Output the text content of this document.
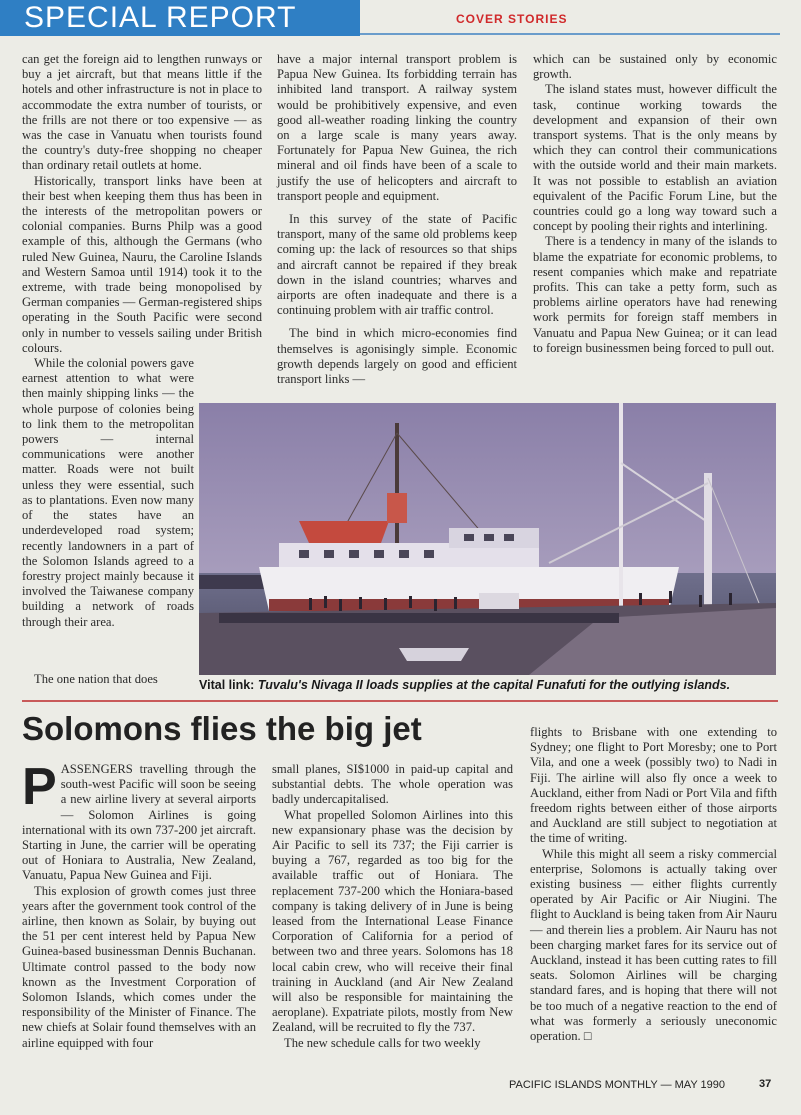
SPECIAL REPORT	COVER STORIES

can get the foreign aid to lengthen runways or buy a jet aircraft, but that means little if the hotels and other infrastructure is not in place to accommodate the extra number of tourists, or the frills are not there or too expensive — as was the case in Vanuatu when tourists found the country's duty-free shopping no cheaper than ordinary retail outlets at home.

Historically, transport links have been at their best when keeping them thus has been in the interests of the metropolitan powers or colonial companies. Burns Philp was a good example of this, although the Germans (who ruled New Guinea, Nauru, the Caroline Islands and Western Samoa until 1914) took it to the extreme, with trade being monopolised by German companies — German-registered ships operating in the South Pacific were second only in number to vessels sailing under British colours.

While the colonial powers gave earnest attention to what were then mainly shipping links — the whole purpose of colonies being to link them to the metropolitan powers — internal communications were another matter. Roads were not built unless they were essential, such as to plantations. Even now many of the states have an underdeveloped road system; recently landowners in a part of the Solomon Islands agreed to a forestry project mainly because it involved the Taiwanese company building a network of roads through their area.

The one nation that does

have a major internal transport problem is Papua New Guinea. Its forbidding terrain has inhibited land transport. A railway system would be prohibitively expensive, and even good all-weather roading linking the country on a large scale is many years away. Fortunately for Papua New Guinea, the rich mineral and oil finds have been of a scale to justify the use of helicopters and aircraft to transport people and equipment.

In this survey of the state of Pacific transport, many of the same old problems keep coming up: the lack of resources so that ships and aircraft cannot be repaired if they break down in the island countries; wharves and airports are often inadequate and there is a continuing problem with air traffic control.

The bind in which micro-economies find themselves is agonisingly simple. Economic growth depends largely on good and efficient transport links —

which can be sustained only by economic growth.

The island states must, however difficult the task, continue working towards the development and expansion of their own transport systems. That is the only means by which they can control their communications with the outside world and their main markets. It was not possible to establish an aviation equivalent of the Pacific Forum Line, but the countries could go a long way toward such a concept by pooling their rights and interlining.

There is a tendency in many of the islands to blame the expatriate for economic problems, to resent companies which make and repatriate profits. This can take a petty form, such as problems airline operators have had renewing work permits for foreign staff members in Vanuatu and Papua New Guinea; or it can lead to foreign businessmen being forced to pull out.

Vital link: Tuvalu's Nivaga II loads supplies at the capital Funafuti for the outlying islands.
Solomons flies the big jet

PASSENGERS travelling through the south-west Pacific will soon be seeing a new airline livery at several airports — Solomon Airlines is going international with its own 737-200 jet aircraft. Starting in June, the carrier will be operating out of Honiara to Australia, New Zealand, Vanuatu, Papua New Guinea and Fiji.

This explosion of growth comes just three years after the government took control of the airline, then known as Solair, by buying out the 51 per cent interest held by Papua New Guinea-based businessman Dennis Buchanan. Ultimate control passed to the body now known as the Investment Corporation of Solomon Islands, which comes under the responsibility of the Minister of Finance. The new chiefs at Solair found themselves with an airline equipped with four

small planes, SI$1000 in paid-up capital and substantial debts. The whole operation was badly undercapitalised.

What propelled Solomon Airlines into this new expansionary phase was the decision by Air Pacific to sell its 737; the Fiji carrier is buying a 767, regarded as too big for the available traffic out of Honiara. The replacement 737-200 which the Honiara-based company is taking delivery of in June is being leased from the International Lease Finance Corporation of California for a period of between two and three years. Solomons has 18 local cabin crew, who will receive their final training in Auckland (and Air New Zealand will also be responsible for maintaining the aeroplane). Expatriate pilots, mostly from New Zealand, will be recruited to fly the 737.

The new schedule calls for two weekly

flights to Brisbane with one extending to Sydney; one flight to Port Moresby; one to Port Vila, and one a week (possibly two) to Nadi in Fiji. The airline will also fly once a week to Auckland, either from Nadi or Port Vila and fifth freedom rights between either of those airports and Auckland are still subject to negotiation at the time of writing.

While this might all seem a risky commercial enterprise, Solomons is actually taking over existing business — either flights currently operated by Air Pacific or Air Niugini. The flight to Auckland is being taken from Air Nauru — and therein lies a problem. Air Nauru has not been charging market fares for its service out of Auckland, instead it has been cutting rates to fill seats. Solomon Airlines will be charging standard fares, and is hoping that there will not be too much of a negative reaction to the end of what was formerly a seriously uneconomic operation. □

PACIFIC ISLANDS MONTHLY — MAY 1990	37
